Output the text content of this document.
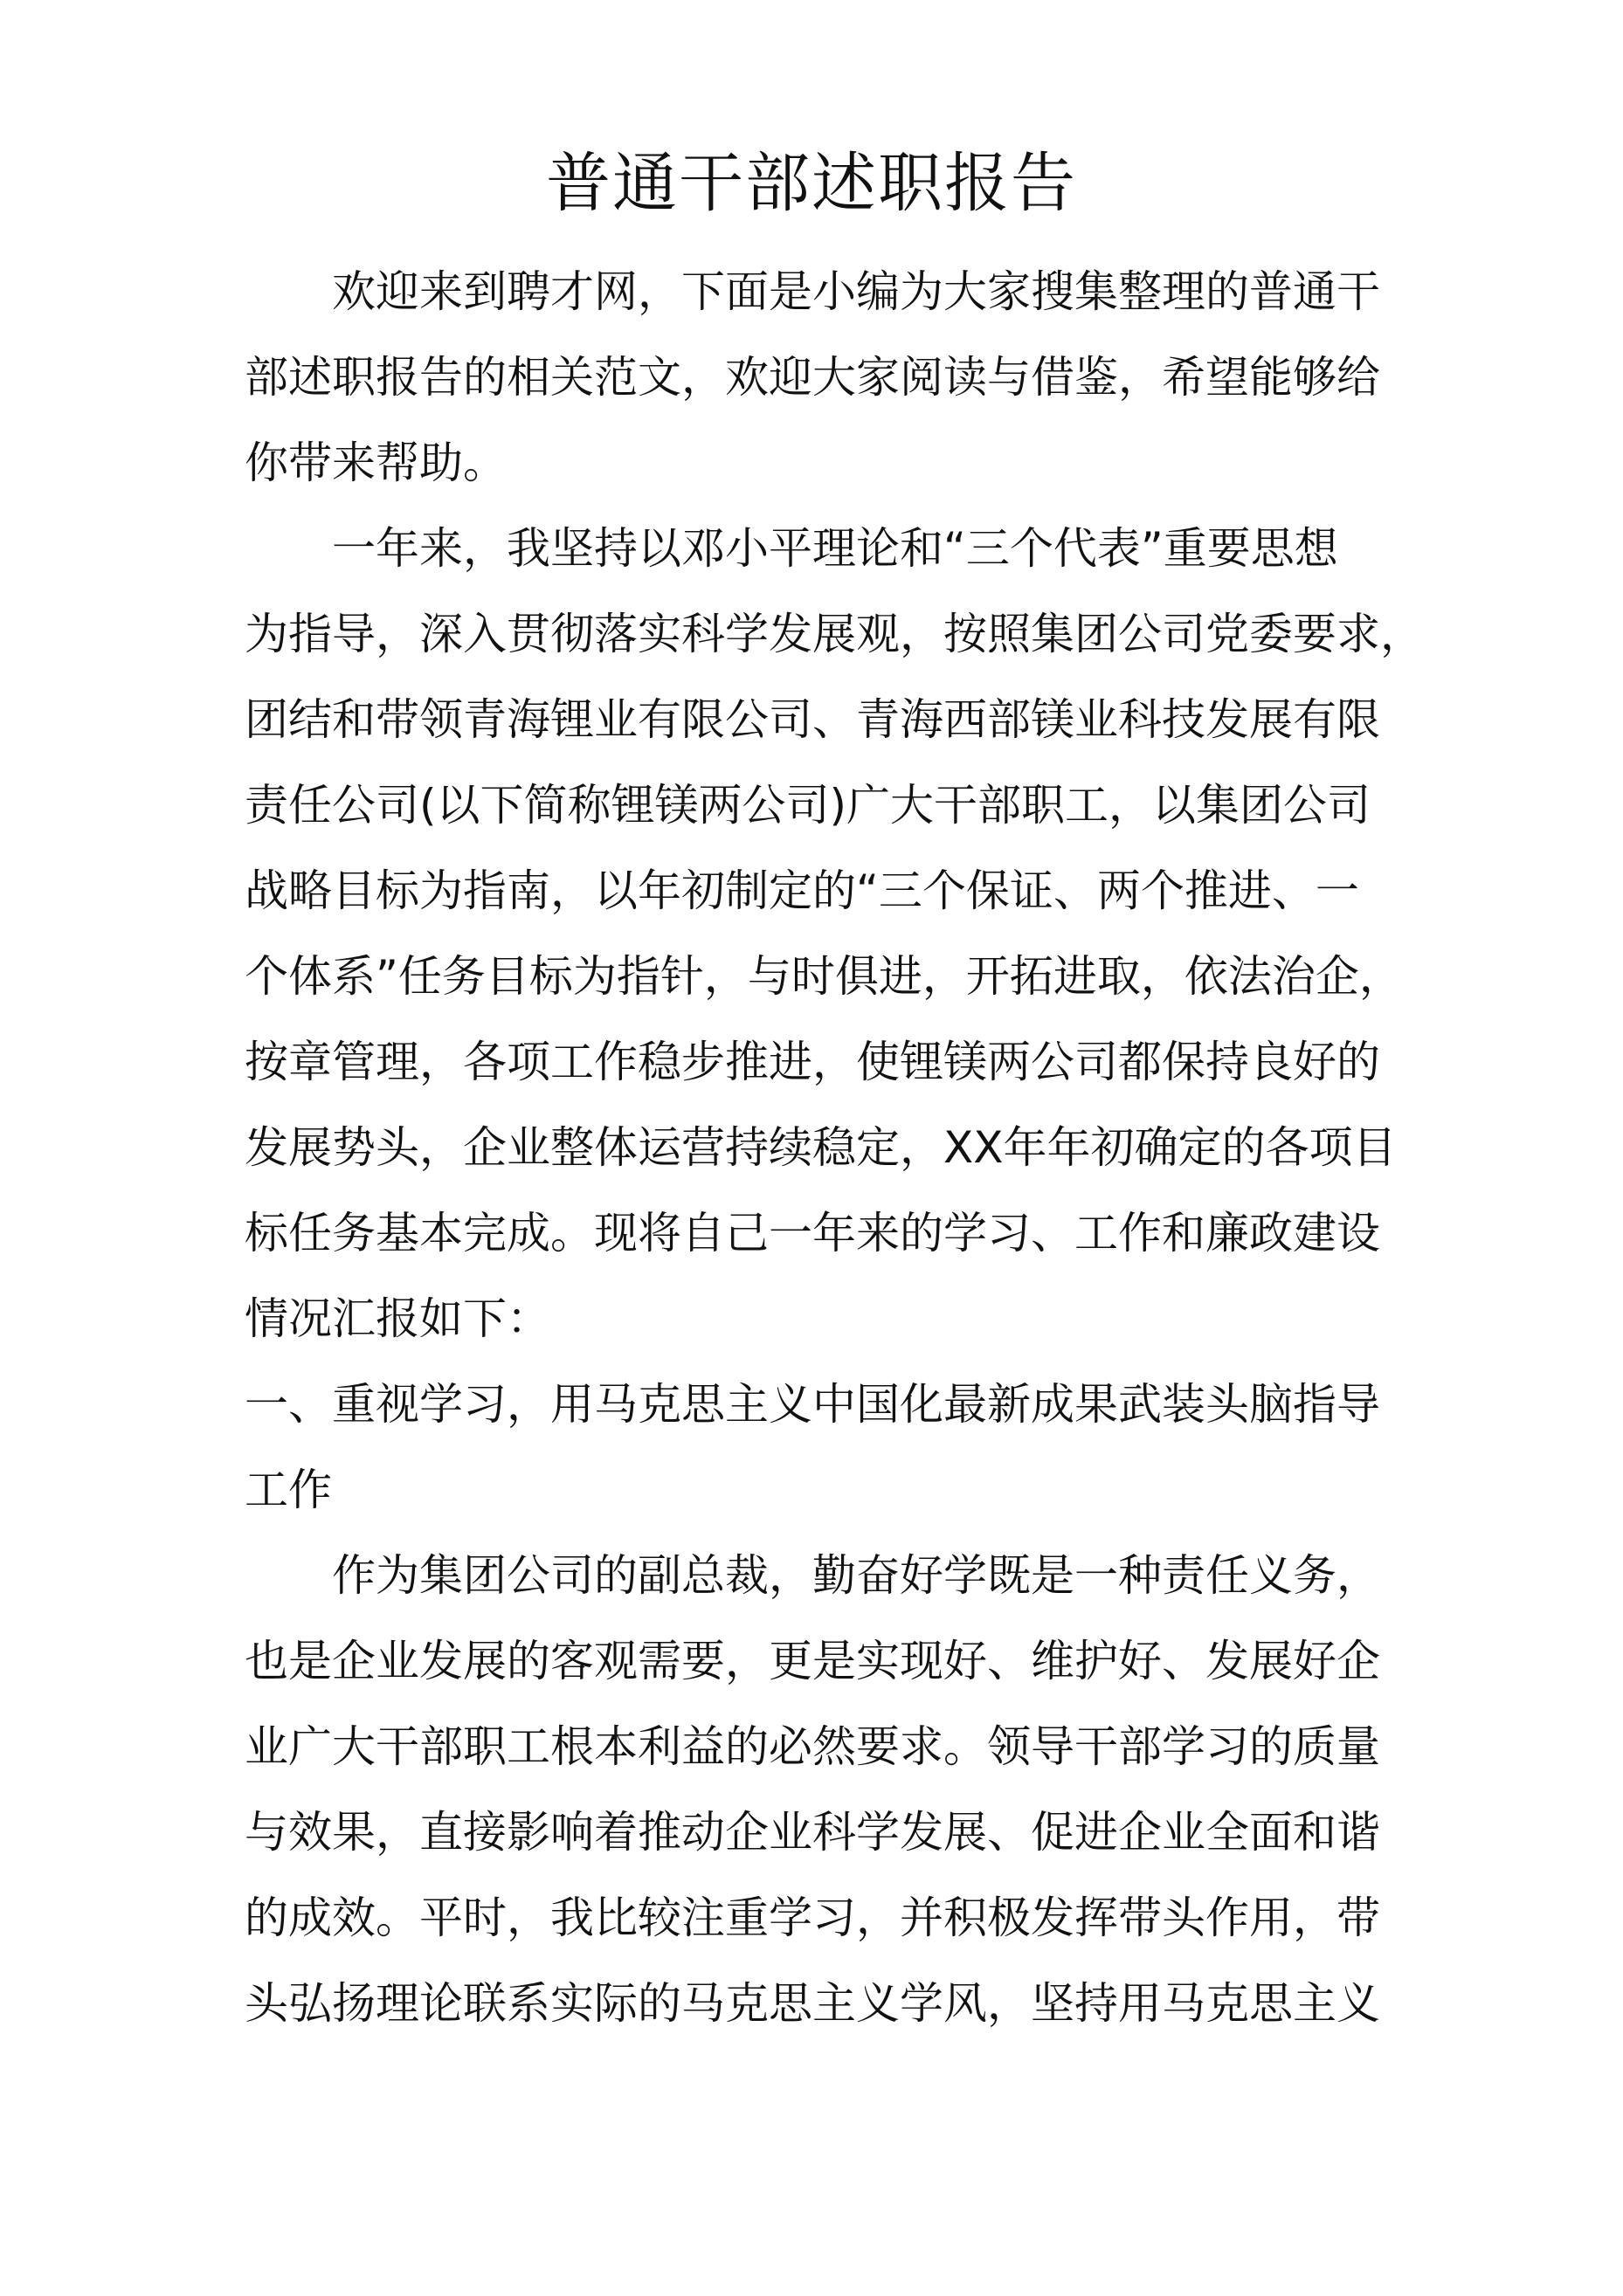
普通干部述职报告
欢迎来到聘才网，下面是小编为大家搜集整理的普通干
部述职报告的相关范文，欢迎大家阅读与借鉴，希望能够给
你带来帮助。
一年来，我坚持以邓小平理论和“三个代表”重要思想
为指导，深入贯彻落实科学发展观，按照集团公司党委要求，
团结和带领青海锂业有限公司、青海西部镁业科技发展有限
责任公司(以下简称锂镁两公司)广大干部职工，以集团公司
战略目标为指南，以年初制定的“三个保证、两个推进、一
个体系”任务目标为指针，与时俱进，开拓进取，依法治企，
按章管理，各项工作稳步推进，使锂镁两公司都保持良好的
发展势头，企业整体运营持续稳定，XX年年初确定的各项目
标任务基本完成。现将自己一年来的学习、工作和廉政建设
情况汇报如下：
一、重视学习，用马克思主义中国化最新成果武装头脑指导
工作
作为集团公司的副总裁，勤奋好学既是一种责任义务，
也是企业发展的客观需要，更是实现好、维护好、发展好企
业广大干部职工根本利益的必然要求。领导干部学习的质量
与效果，直接影响着推动企业科学发展、促进企业全面和谐
的成效。平时，我比较注重学习，并积极发挥带头作用，带
头弘扬理论联系实际的马克思主义学风，坚持用马克思主义
